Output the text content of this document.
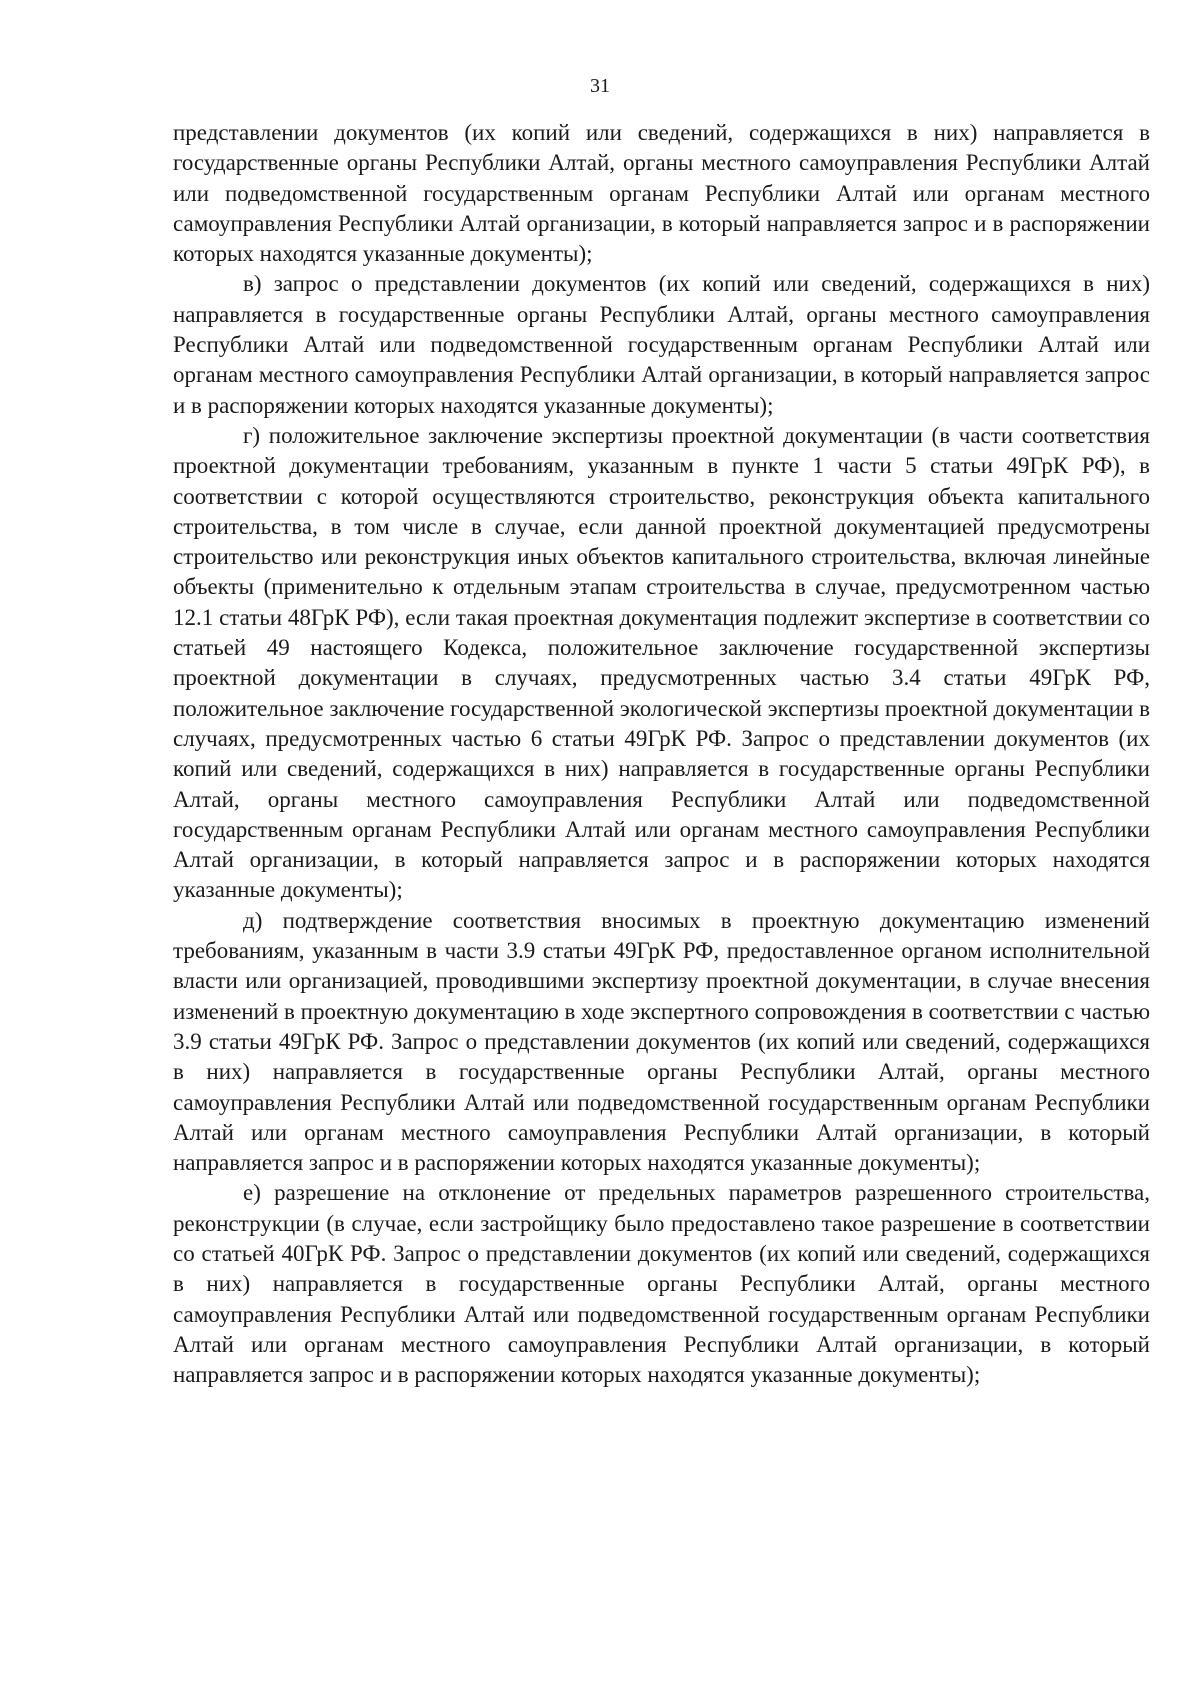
31

представлении документов (их копий или сведений, содержащихся в них) направляется в государственные органы Республики Алтай, органы местного самоуправления Республики Алтай или подведомственной государственным органам Республики Алтай или органам местного самоуправления Республики Алтай организации, в который направляется запрос и в распоряжении которых находятся указанные документы);

в) запрос о представлении документов (их копий или сведений, содержащихся в них) направляется в государственные органы Республики Алтай, органы местного самоуправления Республики Алтай или подведомственной государственным органам Республики Алтай или органам местного самоуправления Республики Алтай организации, в который направляется запрос и в распоряжении которых находятся указанные документы);

г) положительное заключение экспертизы проектной документации (в части соответствия проектной документации требованиям, указанным в пункте 1 части 5 статьи 49ГрК РФ), в соответствии с которой осуществляются строительство, реконструкция объекта капитального строительства, в том числе в случае, если данной проектной документацией предусмотрены строительство или реконструкция иных объектов капитального строительства, включая линейные объекты (применительно к отдельным этапам строительства в случае, предусмотренном частью 12.1 статьи 48ГрК РФ), если такая проектная документация подлежит экспертизе в соответствии со статьей 49 настоящего Кодекса, положительное заключение государственной экспертизы проектной документации в случаях, предусмотренных частью 3.4 статьи 49ГрК РФ, положительное заключение государственной экологической экспертизы проектной документации в случаях, предусмотренных частью 6 статьи 49ГрК РФ. Запрос о представлении документов (их копий или сведений, содержащихся в них) направляется в государственные органы Республики Алтай, органы местного самоуправления Республики Алтай или подведомственной государственным органам Республики Алтай или органам местного самоуправления Республики Алтай организации, в который направляется запрос и в распоряжении которых находятся указанные документы);

д) подтверждение соответствия вносимых в проектную документацию изменений требованиям, указанным в части 3.9 статьи 49ГрК РФ, предоставленное органом исполнительной власти или организацией, проводившими экспертизу проектной документации, в случае внесения изменений в проектную документацию в ходе экспертного сопровождения в соответствии с частью 3.9 статьи 49ГрК РФ. Запрос о представлении документов (их копий или сведений, содержащихся в них) направляется в государственные органы Республики Алтай, органы местного самоуправления Республики Алтай или подведомственной государственным органам Республики Алтай или органам местного самоуправления Республики Алтай организации, в который направляется запрос и в распоряжении которых находятся указанные документы);

е) разрешение на отклонение от предельных параметров разрешенного строительства, реконструкции (в случае, если застройщику было предоставлено такое разрешение в соответствии со статьей 40ГрК РФ. Запрос о представлении документов (их копий или сведений, содержащихся в них) направляется в государственные органы Республики Алтай, органы местного самоуправления Республики Алтай или подведомственной государственным органам Республики Алтай или органам местного самоуправления Республики Алтай организации, в который направляется запрос и в распоряжении которых находятся указанные документы);
